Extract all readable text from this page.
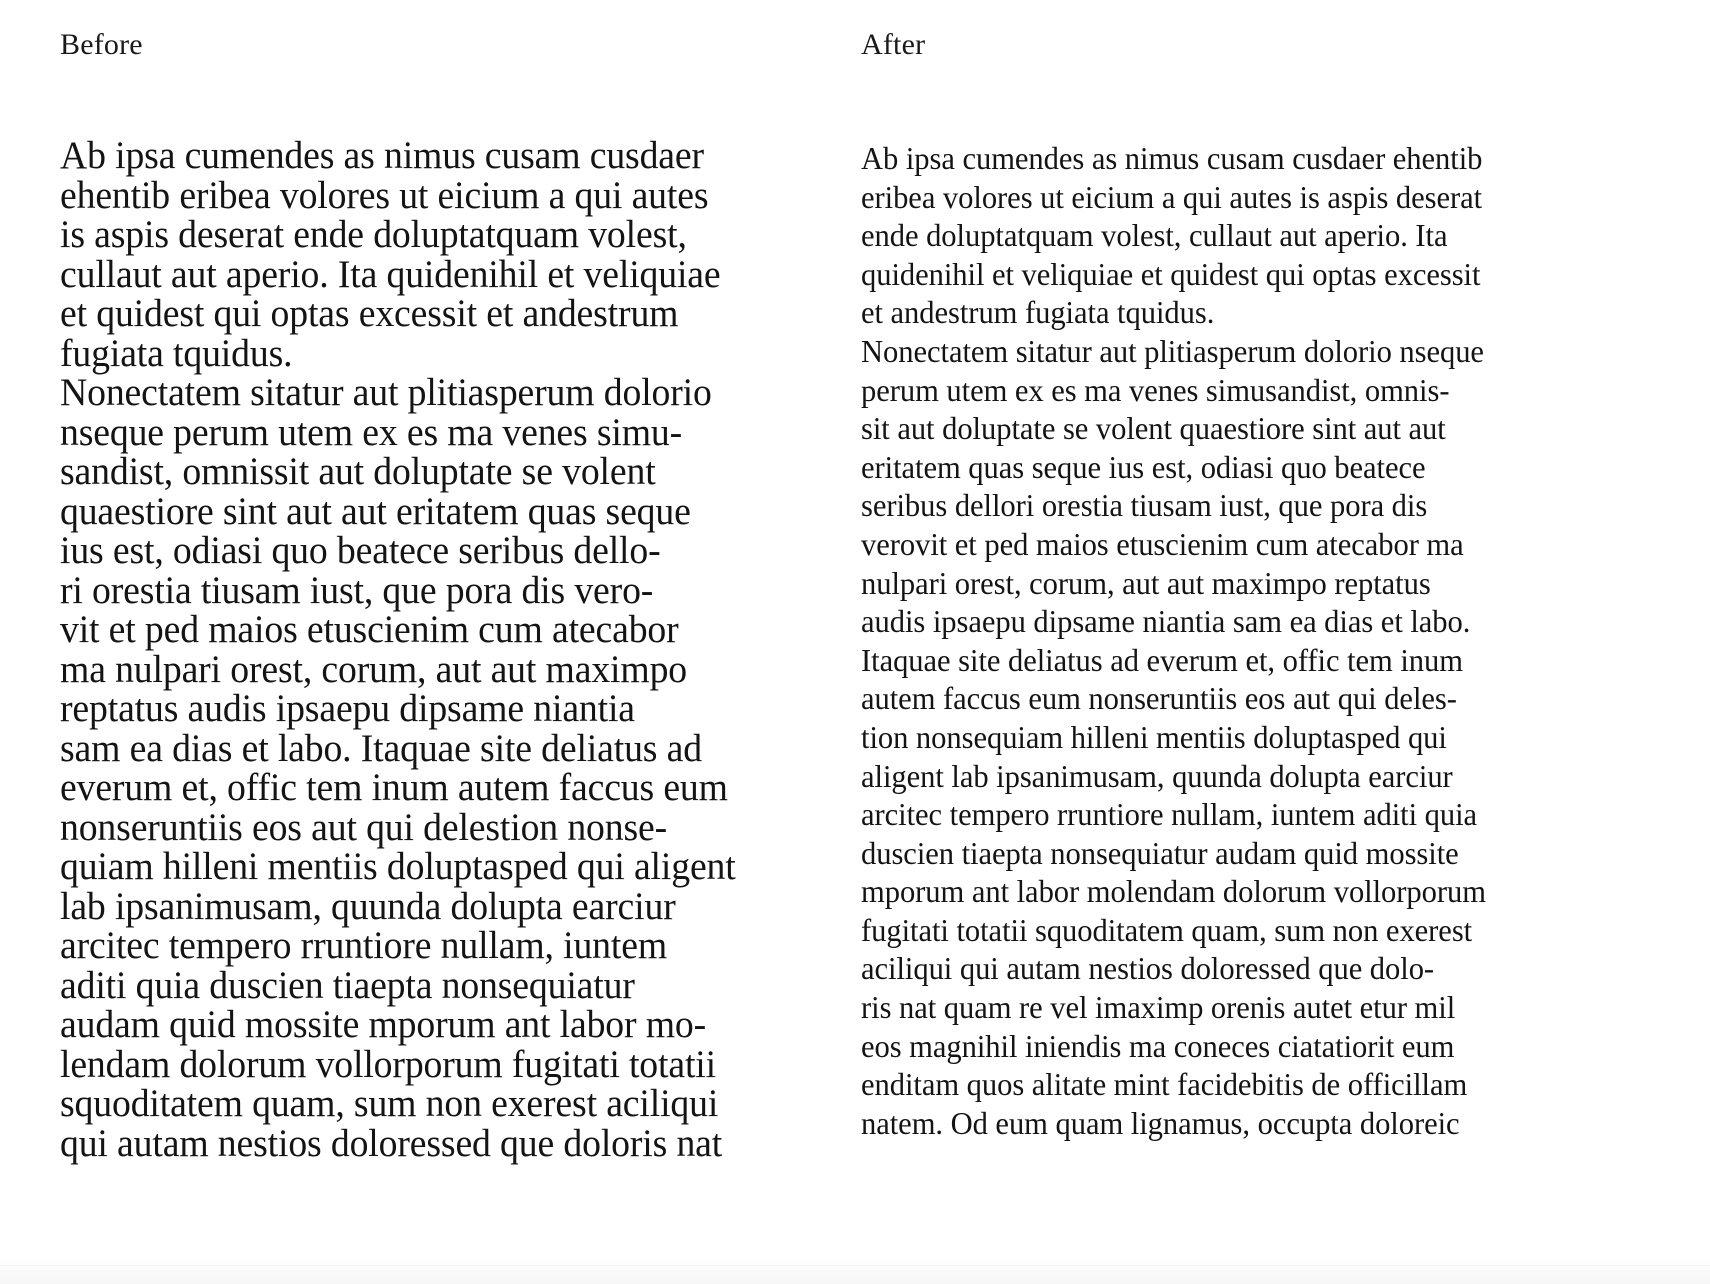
Before
Ab ipsa cumendes as nimus cusam cusdaer
ehentib eribea volores ut eicium a qui autes
is aspis deserat ende doluptatquam volest,
cullaut aut aperio. Ita quidenihil et veliquiae
et quidest qui optas excessit et andestrum
fugiata tquidus.
Nonectatem sitatur aut plitiasperum dolorio
nseque perum utem ex es ma venes simu-
sandist, omnissit aut doluptate se volent
quaestiore sint aut aut eritatem quas seque
ius est, odiasi quo beatece seribus dello-
ri orestia tiusam iust, que pora dis vero-
vit et ped maios etuscienim cum atecabor
ma nulpari orest, corum, aut aut maximpo
reptatus audis ipsaepu dipsame niantia
sam ea dias et labo. Itaquae site deliatus ad
everum et, offic tem inum autem faccus eum
nonseruntiis eos aut qui delestion nonse-
quiam hilleni mentiis doluptasped qui aligent
lab ipsanimusam, quunda dolupta earciur
arcitec tempero rruntiore nullam, iuntem
aditi quia duscien tiaepta nonsequiatur
audam quid mossite mporum ant labor mo-
lendam dolorum vollorporum fugitati totatii
squoditatem quam, sum non exerest aciliqui
qui autam nestios doloressed que doloris nat
After
Ab ipsa cumendes as nimus cusam cusdaer ehentib
eribea volores ut eicium a qui autes is aspis deserat
ende doluptatquam volest, cullaut aut aperio. Ita
quidenihil et veliquiae et quidest qui optas excessit
et andestrum fugiata tquidus.
Nonectatem sitatur aut plitiasperum dolorio nseque
perum utem ex es ma venes simusandist, omnis-
sit aut doluptate se volent quaestiore sint aut aut
eritatem quas seque ius est, odiasi quo beatece
seribus dellori orestia tiusam iust, que pora dis
verovit et ped maios etuscienim cum atecabor ma
nulpari orest, corum, aut aut maximpo reptatus
audis ipsaepu dipsame niantia sam ea dias et labo.
Itaquae site deliatus ad everum et, offic tem inum
autem faccus eum nonseruntiis eos aut qui deles-
tion nonsequiam hilleni mentiis doluptasped qui
aligent lab ipsanimusam, quunda dolupta earciur
arcitec tempero rruntiore nullam, iuntem aditi quia
duscien tiaepta nonsequiatur audam quid mossite
mporum ant labor molendam dolorum vollorporum
fugitati totatii squoditatem quam, sum non exerest
aciliqui qui autam nestios doloressed que dolo-
ris nat quam re vel imaximp orenis autet etur mil
eos magnihil iniendis ma coneces ciatatiorit eum
enditam quos alitate mint facidebitis de officillam
natem. Od eum quam lignamus, occupta doloreic
